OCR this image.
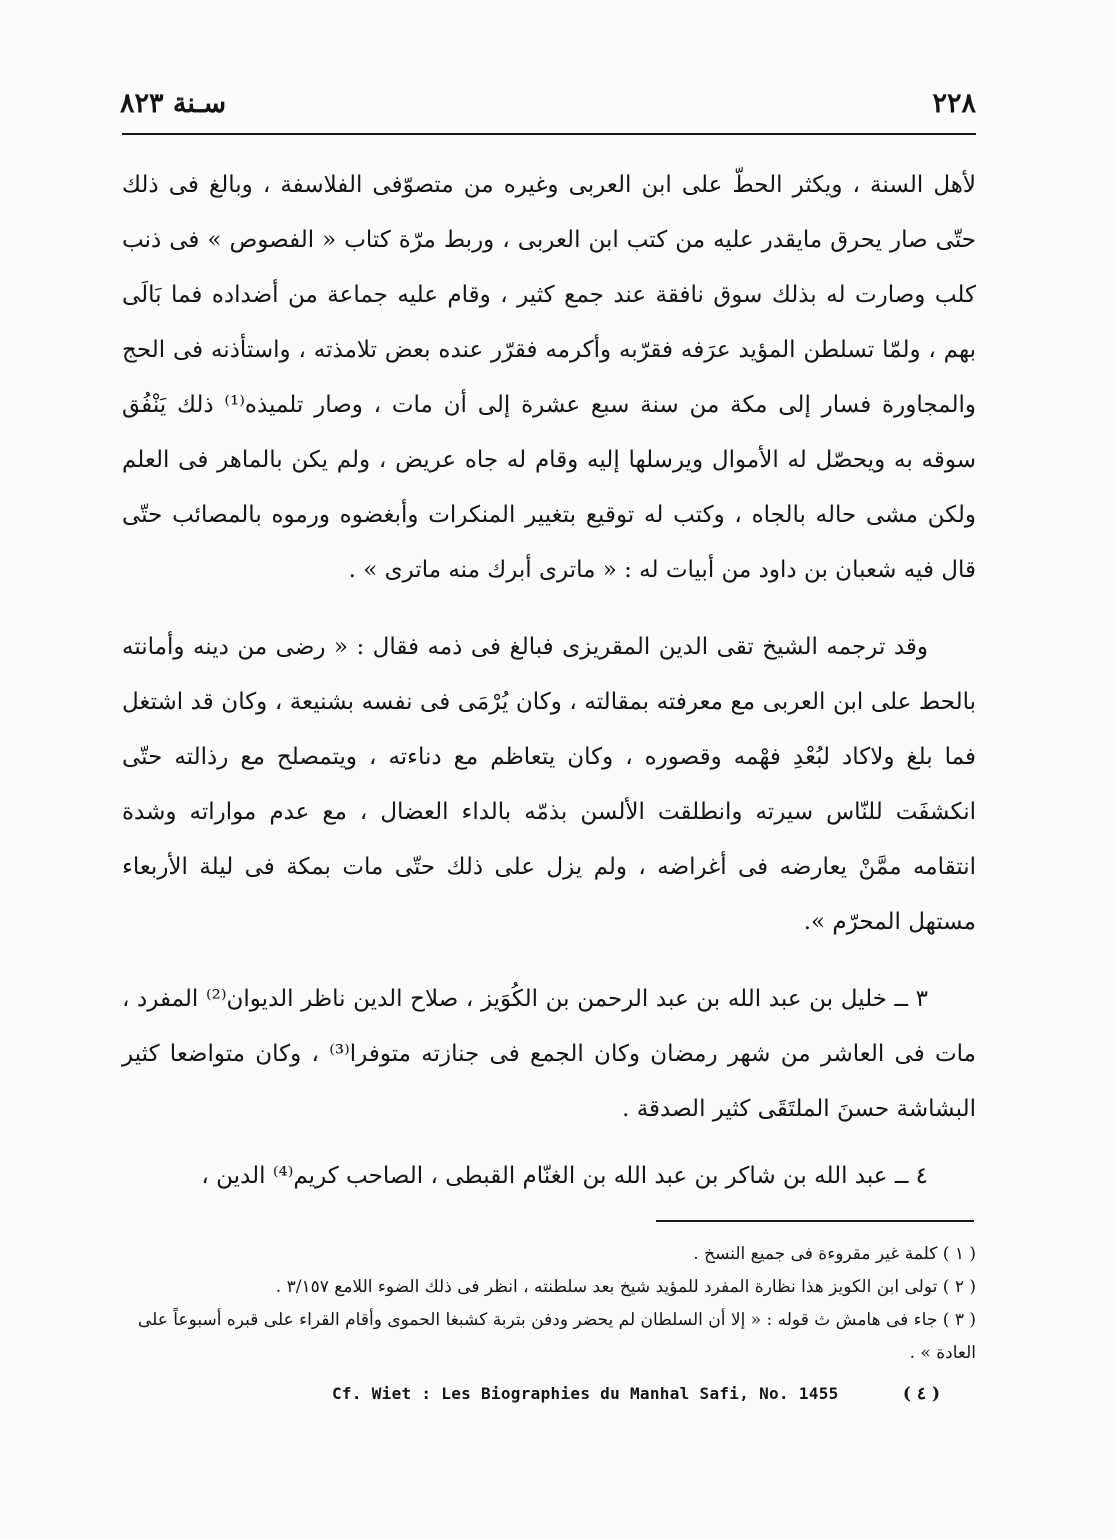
٢٢٨
سـنة ٨٢٣

لأهل السنة ، ويكثر الحطّ على ابن العربى وغيره من متصوّفى الفلاسفة ، وبالغ فى ذلك حتّى صار يحرق مايقدر عليه من كتب ابن العربى ، وربط مرّة كتاب « الفصوص » فى ذنب كلب وصارت له بذلك سوق نافقة عند جمع كثير ، وقام عليه جماعة من أضداده فما بَالَى بهم ، ولمّا تسلطن المؤيد عرَفه فقرّبه وأكرمه فقرّر عنده بعض تلامذته ، واستأذنه فى الحج والمجاورة فسار إلى مكة من سنة سبع عشرة إلى أن مات ، وصار تلميذه⁽¹⁾ ذلك يَنْفُق سوقه به ويحصّل له الأموال ويرسلها إليه وقام له جاه عريض ، ولم يكن بالماهر فى العلم ولكن مشى حاله بالجاه ، وكتب له توقيع بتغيير المنكرات وأبغضوه ورموه بالمصائب حتّى قال فيه شعبان بن داود من أبيات له : « ماترى أبرك منه ماترى » .

وقد ترجمه الشيخ تقى الدين المقريزى فبالغ فى ذمه فقال : « رضى من دينه وأمانته بالحط على ابن العربى مع معرفته بمقالته ، وكان يُرْمَى فى نفسه بشنيعة ، وكان قد اشتغل فما بلغ ولاكاد لبُعْدِ فهْمه وقصوره ، وكان يتعاظم مع دناءته ، ويتمصلح مع رذالته حتّى انكشفَت للنّاس سيرته وانطلقت الألسن بذمّه بالداء العضال ، مع عدم مواراته وشدة انتقامه ممَّنْ يعارضه فى أغراضه ، ولم يزل على ذلك حتّى مات بمكة فى ليلة الأربعاء مستهل المحرّم ».

٣ ــ خليل بن عبد الله بن عبد الرحمن بن الكُوَيز ، صلاح الدين ناظر الديوان⁽²⁾ المفرد ، مات فى العاشر من شهر رمضان وكان الجمع فى جنازته متوفرا⁽³⁾ ، وكان متواضعا كثير البشاشة حسنَ الملتَقَى كثير الصدقة .

٤ ــ عبد الله بن شاكر بن عبد الله بن الغنّام القبطى ، الصاحب كريم⁽⁴⁾ الدين ،

( ١ ) كلمة غير مقروءة فى جميع النسخ .

( ٢ ) تولى ابن الكويز هذا نظارة المفرد للمؤيد شيخ بعد سلطنته ، انظر فى ذلك الضوء اللامع ٣/١٥٧ .

( ٣ ) جاء فى هامش ث قوله : « إلا أن السلطان لم يحضر ودفن بتربة كشبغا الحموى وأقام القراء على قبره أسبوعاً على العادة » .

( ٤ )
Cf. Wiet : Les Biographies du Manhal Safi, No. 1455
